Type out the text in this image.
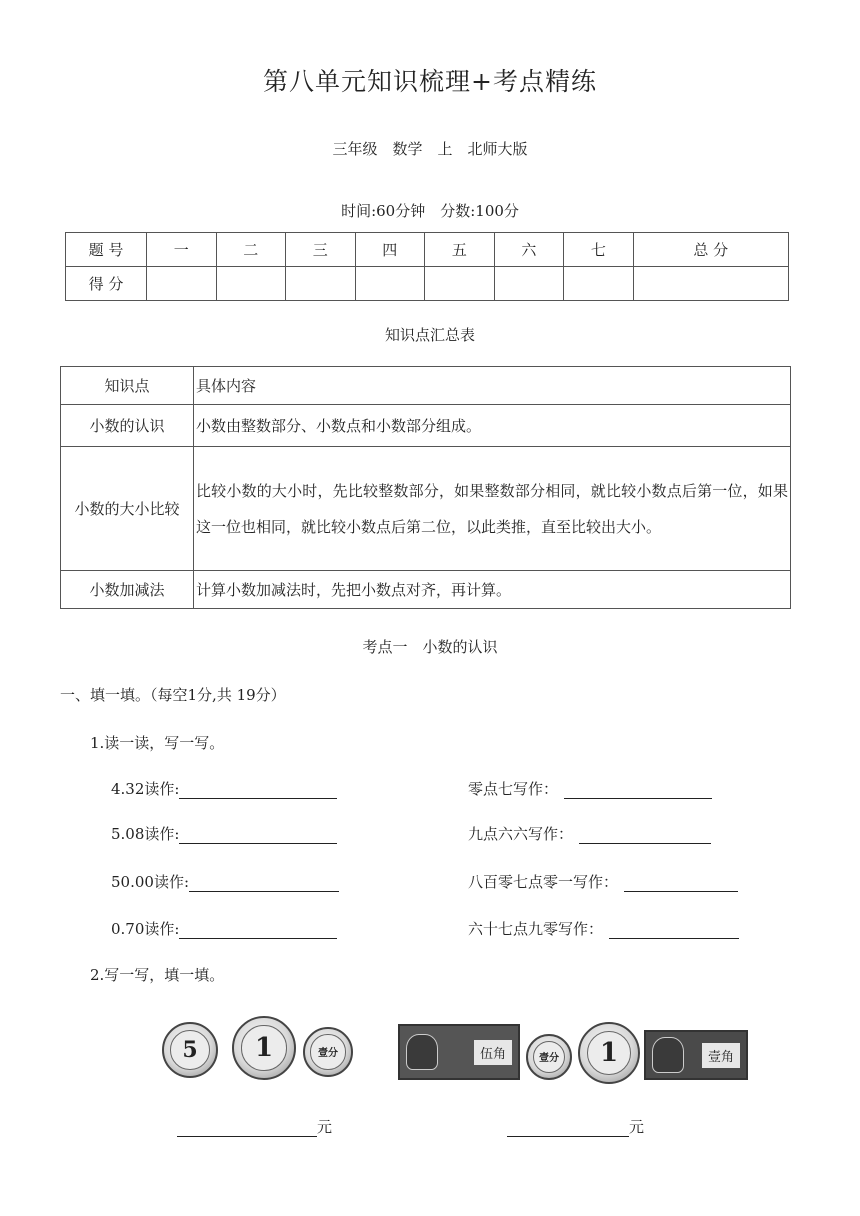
第八单元知识梳理+考点精练
三年级　数学　上　北师大版
时间:60分钟　分数:100分
题 号	一	二	三	四	五	六	七	总 分
得 分								
知识点汇总表
知识点	具体内容
小数的认识	小数由整数部分、小数点和小数部分组成。
小数的大小比较	比较小数的大小时，先比较整数部分，如果整数部分相同，就比较小数点后第一位，如果这一位也相同，就比较小数点后第二位，以此类推，直至比较出大小。
小数加减法	计算小数加减法时，先把小数点对齐，再计算。
考点一　小数的认识
一、填一填。（每空1分,共 19分）
1.读一读，写一写。
4.32读作:	零点七写作：
5.08读作:	九点六六写作：
50.00读作:	八百零七点零一写作：
0.70读作:	六十七点九零写作：
2.写一写，填一填。
5	1	壹分	伍角	壹分	1	壹角
元	元
